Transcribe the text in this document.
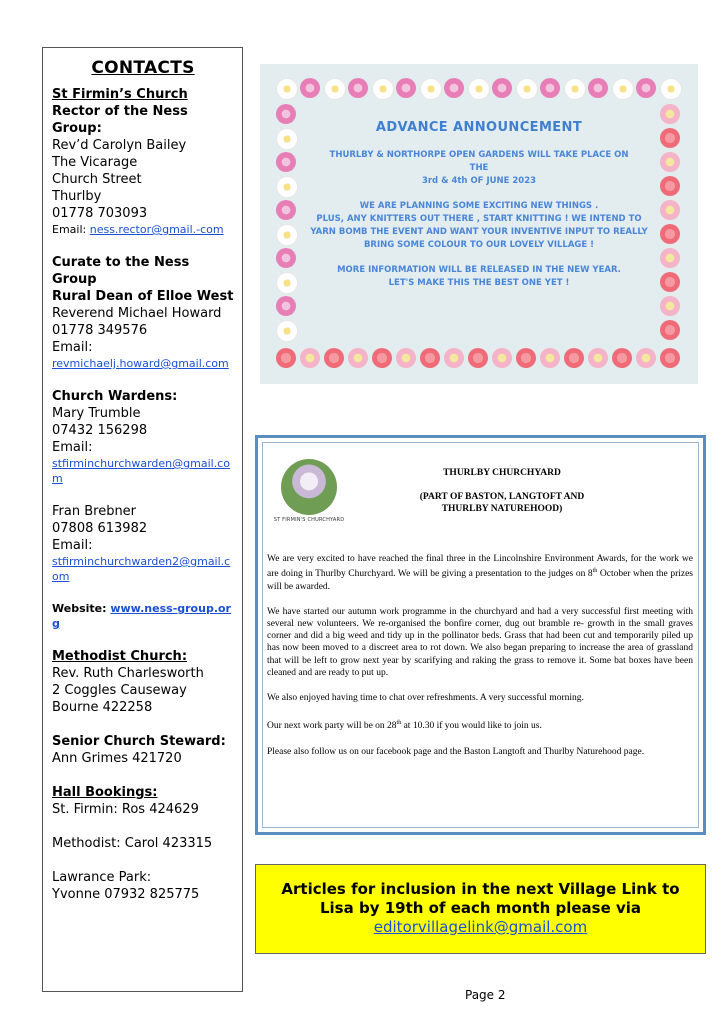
CONTACTS
St Firmin’s Church
Rector of the Ness
Group:
Rev’d Carolyn Bailey
The Vicarage
Church Street
Thurlby
01778 703093
Email: ness.rector@gmail.-com
Curate to the Ness
Group
Rural Dean of Elloe West
Reverend Michael Howard
01778 349576
Email:
revmichaelj.howard@gmail.com
Church Wardens:
Mary Trumble
07432 156298
Email:
stfirminchurchwarden@gmail.com
Fran Brebner
07808 613982
Email:
stfirminchurchwarden2@gmail.com
Website: www.ness-group.org
Methodist Church:
Rev. Ruth Charlesworth
2 Coggles Causeway
Bourne 422258
Senior Church Steward:
Ann Grimes 421720
Hall Bookings:
St. Firmin: Ros 424629
Methodist: Carol 423315
Lawrance Park:
Yvonne 07932 825775
ADVANCE ANNOUNCEMENT
THURLBY & NORTHORPE OPEN GARDENS WILL TAKE PLACE ON
THE
3rd & 4th OF JUNE 2023
WE ARE PLANNING SOME EXCITING NEW THINGS .
PLUS, ANY KNITTERS OUT THERE , START KNITTING ! WE INTEND TO
YARN BOMB THE EVENT AND WANT YOUR INVENTIVE INPUT TO REALLY
BRING SOME COLOUR TO OUR LOVELY VILLAGE !
MORE INFORMATION WILL BE RELEASED IN THE NEW YEAR.
LET'S MAKE THIS THE BEST ONE YET !
ST FIRMIN'S CHURCHYARD
THURLBY CHURCHYARD
(PART OF BASTON, LANGTOFT AND
THURLBY NATUREHOOD)

We are very excited to have reached the final three in the Lincolnshire Environment Awards, for the work we are doing in Thurlby Churchyard. We will be giving a presentation to the judges on 8th October when the prizes will be awarded.

We have started our autumn work programme in the churchyard and had a very successful first meeting with several new volunteers. We re-organised the bonfire corner, dug out bramble re- growth in the small graves corner and did a big weed and tidy up in the pollinator beds. Grass that had been cut and temporarily piled up has now been moved to a discreet area to rot down. We also began preparing to increase the area of grassland that will be left to grow next year by scarifying and raking the grass to remove it. Some bat boxes have been cleaned and are ready to put up.

We also enjoyed having time to chat over refreshments. A very successful morning.

Our next work party will be on 28th at 10.30 if you would like to join us.

Please also follow us on our facebook page and the Baston Langtoft and Thurlby Naturehood page.

Articles for inclusion in the next Village Link to
Lisa by 19th of each month please via editorvillagelink@gmail.com
Page 2
